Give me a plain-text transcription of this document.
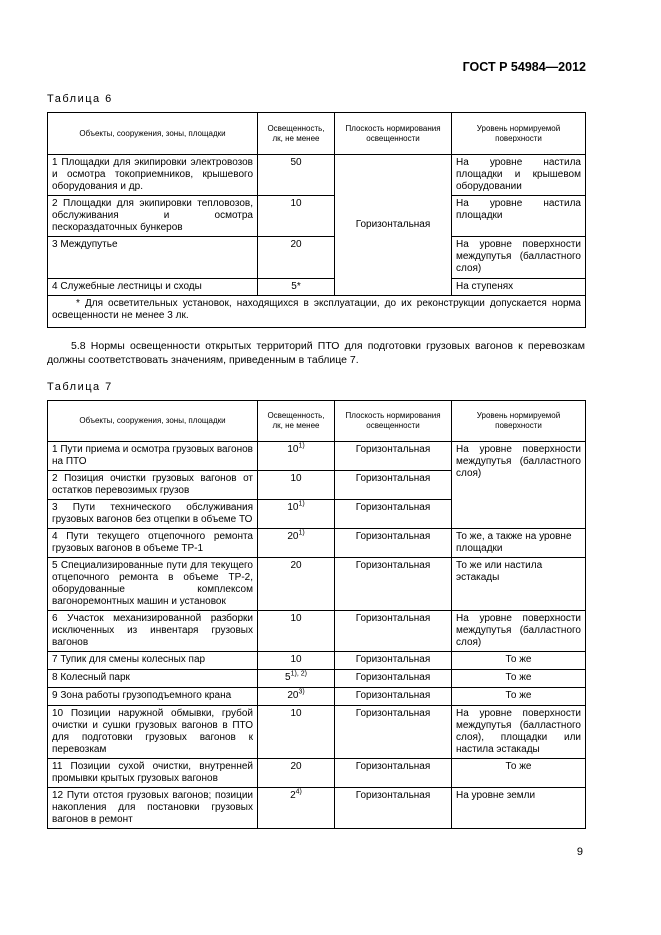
ГОСТ Р 54984—2012
Таблица 6
Объекты, сооружения, зоны, площадки	Освещенность, лк, не менее	Плоскость нормирования освещенности	Уровень нормируемой поверхности
1 Площадки для экипировки электровозов и осмотра токоприемников, крышевого оборудования и др.	50	Горизонтальная	На уровне настила площадки и крышевом оборудовании
2 Площадки для экипировки тепловозов, обслуживания и осмотра пескораздаточных бункеров	10		На уровне настила площадки
3 Междупутье	20		На уровне поверхности междупутья (балластного слоя)
4 Служебные лестницы и сходы	5*		На ступенях
* Для осветительных установок, находящихся в эксплуатации, до их реконструкции допускается норма освещенности не менее 3 лк.			
5.8 Нормы освещенности открытых территорий ПТО для подготовки грузовых вагонов к перевозкам должны соответствовать значениям, приведенным в таблице 7.
Таблица 7
Объекты, сооружения, зоны, площадки	Освещенность, лк, не менее	Плоскость нормирования освещенности	Уровень нормируемой поверхности
1 Пути приема и осмотра грузовых вагонов на ПТО	10$^{1)}$	Горизонтальная	На уровне поверхности междупутья (балластного слоя)
2 Позиция очистки грузовых вагонов от остатков перевозимых грузов	10	Горизонтальная	
3 Пути технического обслуживания грузовых вагонов без отцепки в объеме ТО	10$^{1)}$	Горизонтальная	
4 Пути текущего отцепочного ремонта грузовых вагонов в объеме ТР-1	20$^{1)}$	Горизонтальная	То же, а также на уровне площадки
5 Специализированные пути для текущего отцепочного ремонта в объеме ТР-2, оборудованные комплексом вагоноремонтных машин и установок	20	Горизонтальная	То же или настила эстакады
6 Участок механизированной разборки исключенных из инвентаря грузовых вагонов	10	Горизонтальная	На уровне поверхности междупутья (балластного слоя)
7 Тупик для смены колесных пар	10	Горизонтальная	То же
8 Колесный парк	$5^{1), 2)}$	Горизонтальная	То же
9 Зона работы грузоподъемного крана	20$^{3)}$	Горизонтальная	То же
10 Позиции наружной обмывки, грубой очистки и сушки грузовых вагонов в ПТО для подготовки грузовых вагонов к перевозкам	10	Горизонтальная	На уровне поверхности междупутья (балластного слоя), площадки или настила эстакады
11 Позиции сухой очистки, внутренней промывки крытых грузовых вагонов	20	Горизонтальная	То же
12 Пути отстоя грузовых вагонов; позиции накопления для постановки грузовых вагонов в ремонт	2$^{4)}$	Горизонтальная	На уровне земли
9
